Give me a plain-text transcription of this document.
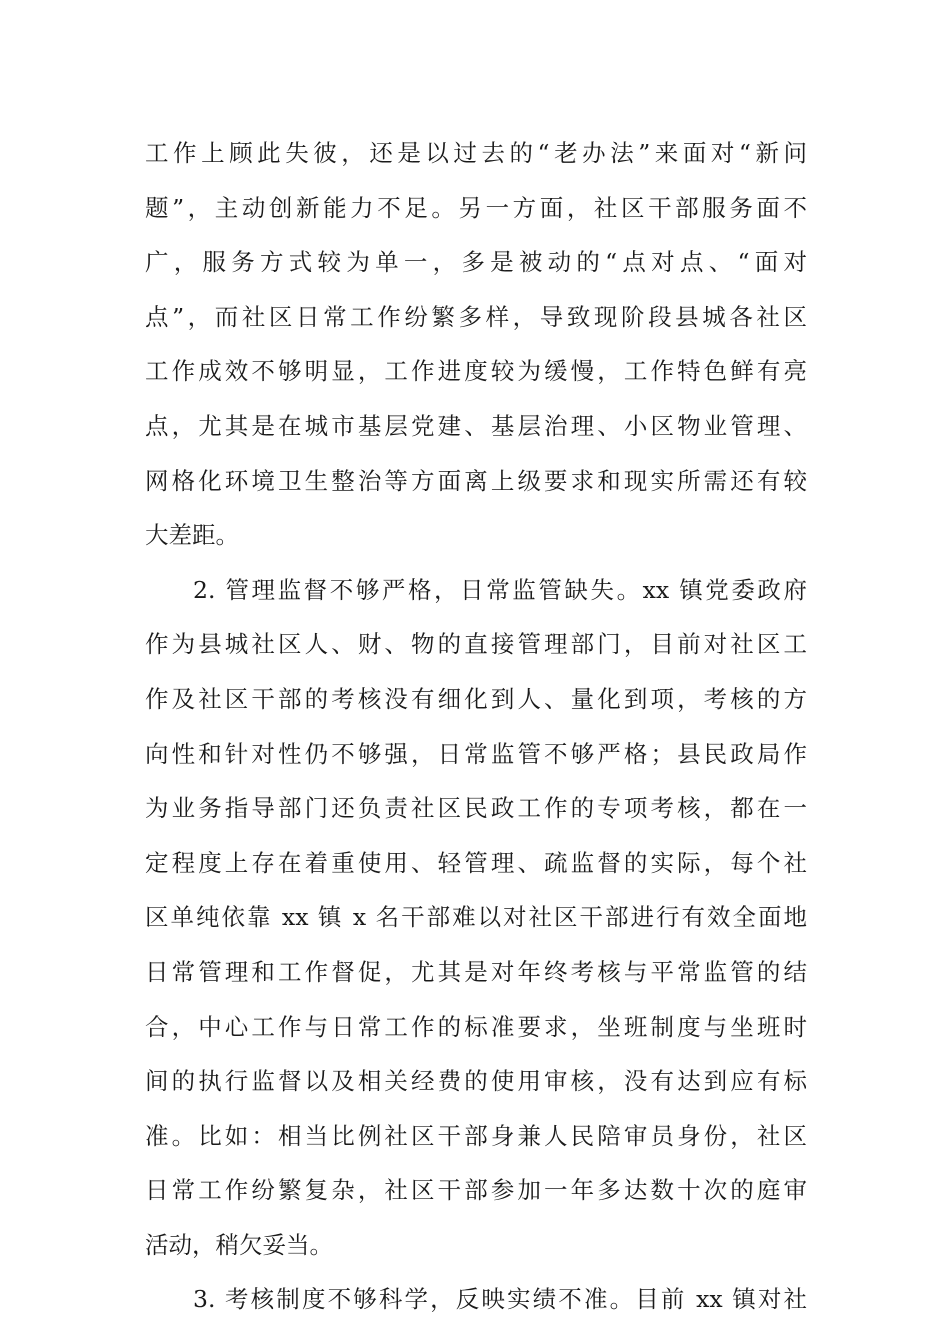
工作上顾此失彼，还是以过去的“老办法”来面对“新问
题”，主动创新能力不足。另一方面，社区干部服务面不
广，服务方式较为单一，多是被动的“点对点、“面对
点”，而社区日常工作纷繁多样，导致现阶段县城各社区
工作成效不够明显，工作进度较为缓慢，工作特色鲜有亮
点，尤其是在城市基层党建、基层治理、小区物业管理、
网格化环境卫生整治等方面离上级要求和现实所需还有较
大差距。
2. 管理监督不够严格，日常监管缺失。xx 镇党委政府
作为县城社区人、财、物的直接管理部门，目前对社区工
作及社区干部的考核没有细化到人、量化到项，考核的方
向性和针对性仍不够强，日常监管不够严格；县民政局作
为业务指导部门还负责社区民政工作的专项考核，都在一
定程度上存在着重使用、轻管理、疏监督的实际，每个社
区单纯依靠 xx 镇 x 名干部难以对社区干部进行有效全面地
日常管理和工作督促，尤其是对年终考核与平常监管的结
合，中心工作与日常工作的标准要求，坐班制度与坐班时
间的执行监督以及相关经费的使用审核，没有达到应有标
准。比如：相当比例社区干部身兼人民陪审员身份，社区
日常工作纷繁复杂，社区干部参加一年多达数十次的庭审
活动，稍欠妥当。
3. 考核制度不够科学，反映实绩不准。目前 xx 镇对社
